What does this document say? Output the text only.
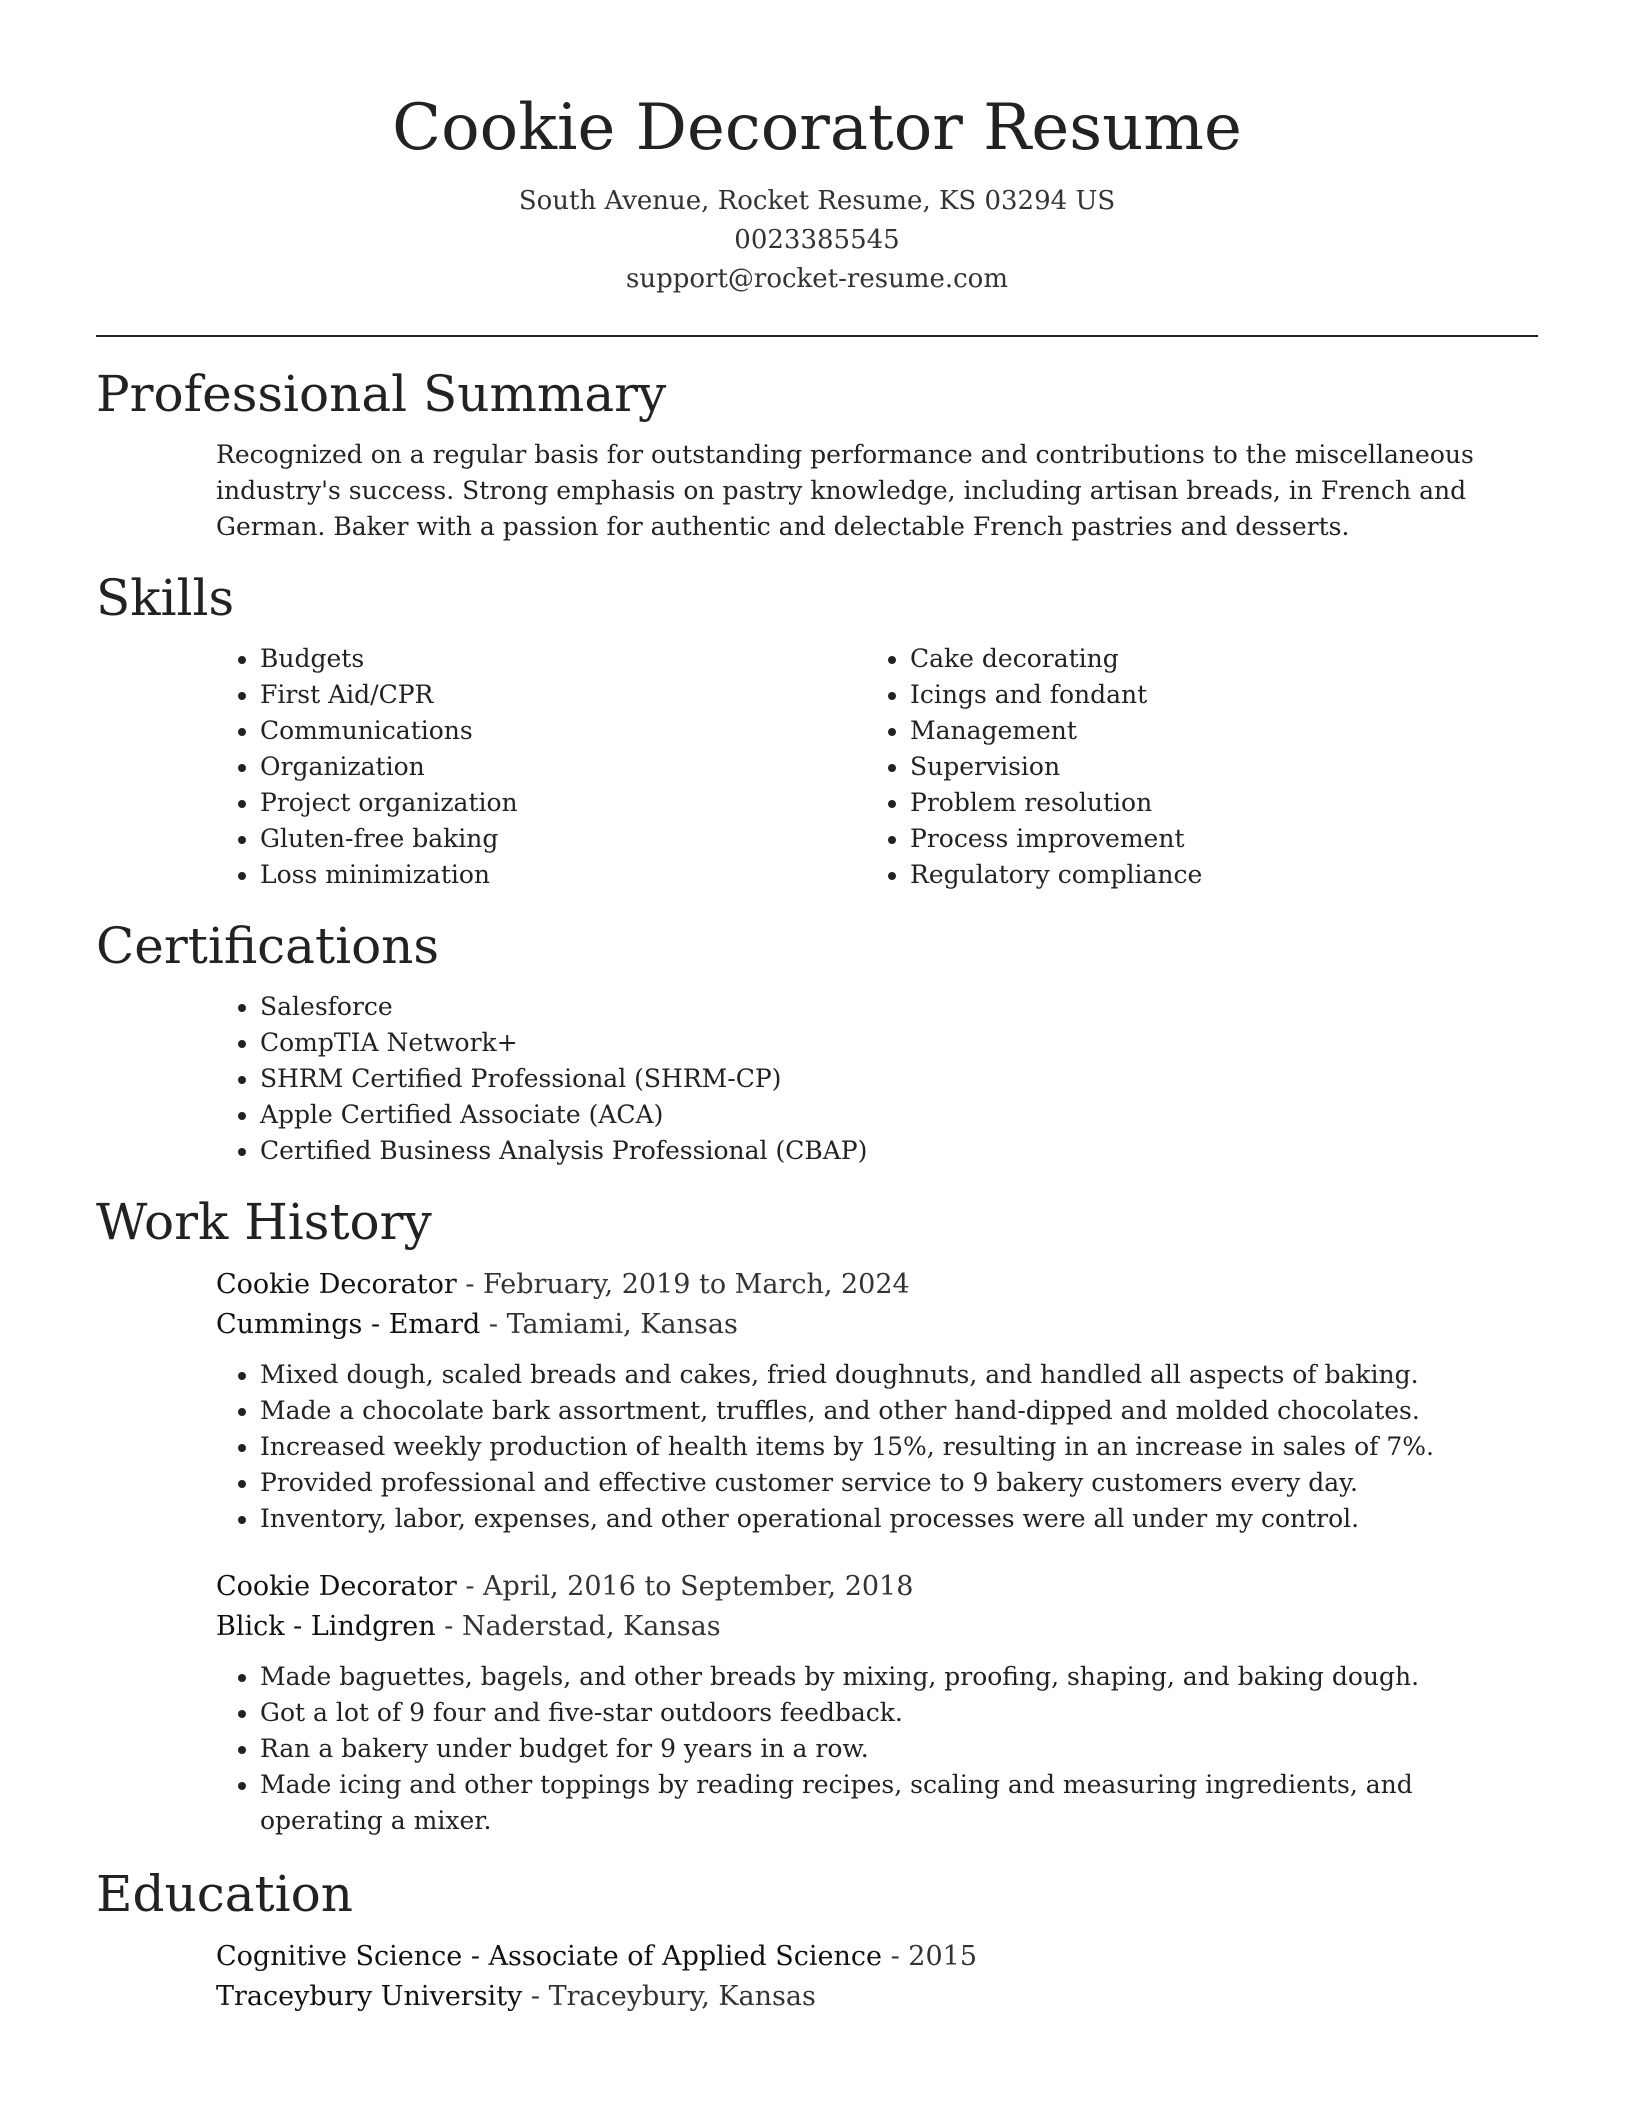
Cookie Decorator Resume
South Avenue, Rocket Resume, KS 03294 US
0023385545
support@rocket-resume.com
Professional Summary

Recognized on a regular basis for outstanding performance and contributions to the miscellaneous industry's success. Strong emphasis on pastry knowledge, including artisan breads, in French and German. Baker with a passion for authentic and delectable French pastries and desserts.

Skills
• Budgets
• First Aid/CPR
• Communications
• Organization
• Project organization
• Gluten-free baking
• Loss minimization
• Cake decorating
• Icings and fondant
• Management
• Supervision
• Problem resolution
• Process improvement
• Regulatory compliance
Certifications
• Salesforce
• CompTIA Network+
• SHRM Certified Professional (SHRM-CP)
• Apple Certified Associate (ACA)
• Certified Business Analysis Professional (CBAP)
Work History
Cookie Decorator - February, 2019 to March, 2024
Cummings - Emard - Tamiami, Kansas
• Mixed dough, scaled breads and cakes, fried doughnuts, and handled all aspects of baking.
• Made a chocolate bark assortment, truffles, and other hand-dipped and molded chocolates.
• Increased weekly production of health items by 15%, resulting in an increase in sales of 7%.
• Provided professional and effective customer service to 9 bakery customers every day.
• Inventory, labor, expenses, and other operational processes were all under my control.
Cookie Decorator - April, 2016 to September, 2018
Blick - Lindgren - Naderstad, Kansas
• Made baguettes, bagels, and other breads by mixing, proofing, shaping, and baking dough.
• Got a lot of 9 four and five-star outdoors feedback.
• Ran a bakery under budget for 9 years in a row.
• Made icing and other toppings by reading recipes, scaling and measuring ingredients, and operating a mixer.
Education
Cognitive Science - Associate of Applied Science - 2015
Traceybury University - Traceybury, Kansas
